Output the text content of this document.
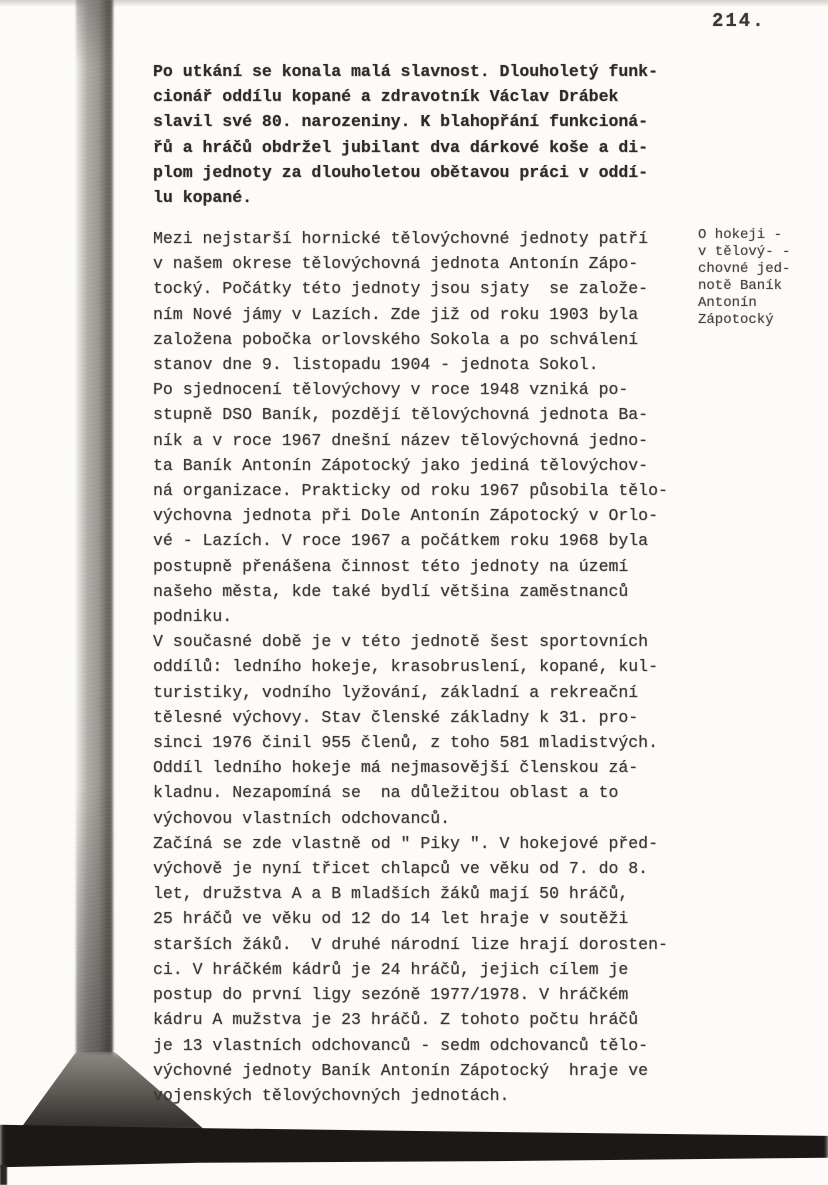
214.
Po utkání se konala malá slavnost. Dlouholetý funk-
cionář oddílu kopané a zdravotník Václav Drábek
slavil své 80. narozeniny. K blahopřání funkcioná-
řů a hráčů obdržel jubilant dva dárkové koše a di-
plom jednoty za dlouholetou obětavou práci v oddí-
lu kopané.
Mezi nejstarší hornické tělovýchovné jednoty patří
v našem okrese tělovýchovná jednota Antonín Zápo-
tocký. Počátky této jednoty jsou sjaty  se založe-
ním Nové jámy v Lazích. Zde již od roku 1903 byla
založena pobočka orlovského Sokola a po schválení
stanov dne 9. listopadu 1904 - jednota Sokol.
Po sjednocení tělovýchovy v roce 1948 vzniká po-
stupně DSO Baník, pozdějí tělovýchovná jednota Ba-
ník a v roce 1967 dnešní název tělovýchovná jedno-
ta Baník Antonín Zápotocký jako jediná tělovýchov-
ná organizace. Prakticky od roku 1967 působila tělo-
výchovna jednota při Dole Antonín Zápotocký v Orlo-
vé - Lazích. V roce 1967 a počátkem roku 1968 byla
postupně přenášena činnost této jednoty na území
našeho města, kde také bydlí většina zaměstnanců
podniku.
V současné době je v této jednotě šest sportovních
oddílů: ledního hokeje, krasobruslení, kopané, kul-
turistiky, vodního lyžování, základní a rekreační
tělesné výchovy. Stav členské základny k 31. pro-
sinci 1976 činil 955 členů, z toho 581 mladistvých.
Oddíl ledního hokeje má nejmasovější členskou zá-
kladnu. Nezapomíná se  na důležitou oblast a to
výchovou vlastních odchovanců.
Začíná se zde vlastně od " Piky ". V hokejové před-
výchově je nyní třicet chlapců ve věku od 7. do 8.
let, družstva A a B mladších žáků mají 50 hráčů,
25 hráčů ve věku od 12 do 14 let hraje v soutěži
starších žáků.  V druhé národní lize hrají dorosten-
ci. V hráčkém kádrů je 24 hráčů, jejich cílem je
postup do první ligy sezóně 1977/1978. V hráčkém
kádru A mužstva je 23 hráčů. Z tohoto počtu hráčů
je 13 vlastních odchovanců - sedm odchovanců tělo-
výchovné jednoty Baník Antonín Zápotocký  hraje ve
vojenských tělovýchovných jednotách.
O hokeji -
v tělový- -
chovné jed-
notě Baník
Antonín
Zápotocký
